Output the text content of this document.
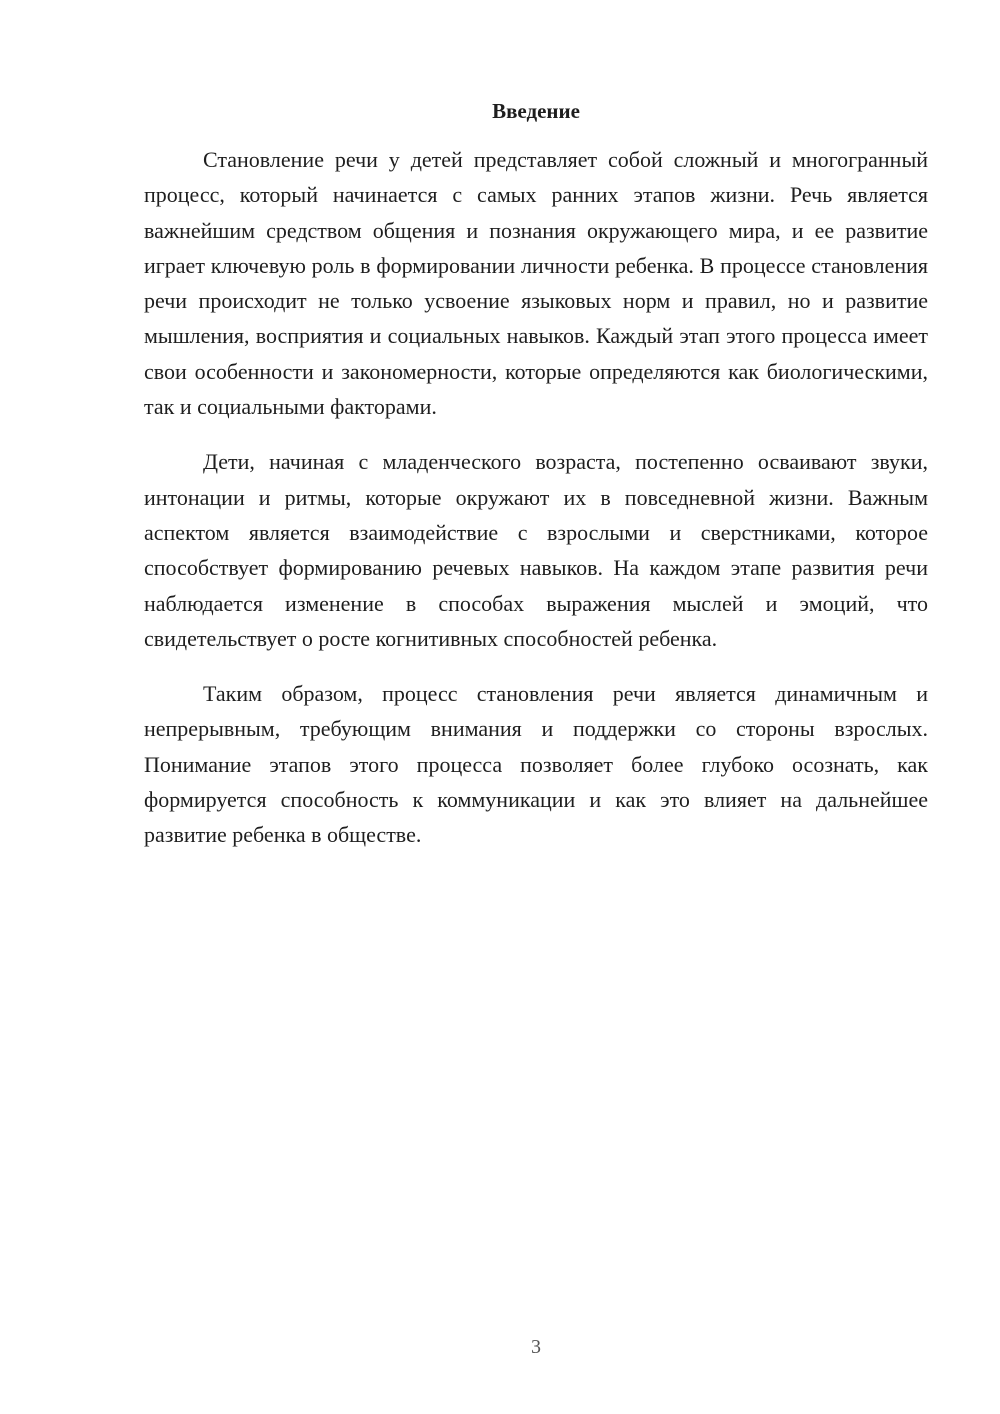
Введение

Становление речи у детей представляет собой сложный и многогранный процесс, который начинается с самых ранних этапов жизни. Речь является важнейшим средством общения и познания окружающего мира, и ее развитие играет ключевую роль в формировании личности ребенка. В процессе становления речи происходит не только усвоение языковых норм и правил, но и развитие мышления, восприятия и социальных навыков. Каждый этап этого процесса имеет свои особенности и закономерности, которые определяются как биологическими, так и социальными факторами.

Дети, начиная с младенческого возраста, постепенно осваивают звуки, интонации и ритмы, которые окружают их в повседневной жизни. Важным аспектом является взаимодействие с взрослыми и сверстниками, которое способствует формированию речевых навыков. На каждом этапе развития речи наблюдается изменение в способах выражения мыслей и эмоций, что свидетельствует о росте когнитивных способностей ребенка.

Таким образом, процесс становления речи является динамичным и непрерывным, требующим внимания и поддержки со стороны взрослых. Понимание этапов этого процесса позволяет более глубоко осознать, как формируется способность к коммуникации и как это влияет на дальнейшее развитие ребенка в обществе.

3
